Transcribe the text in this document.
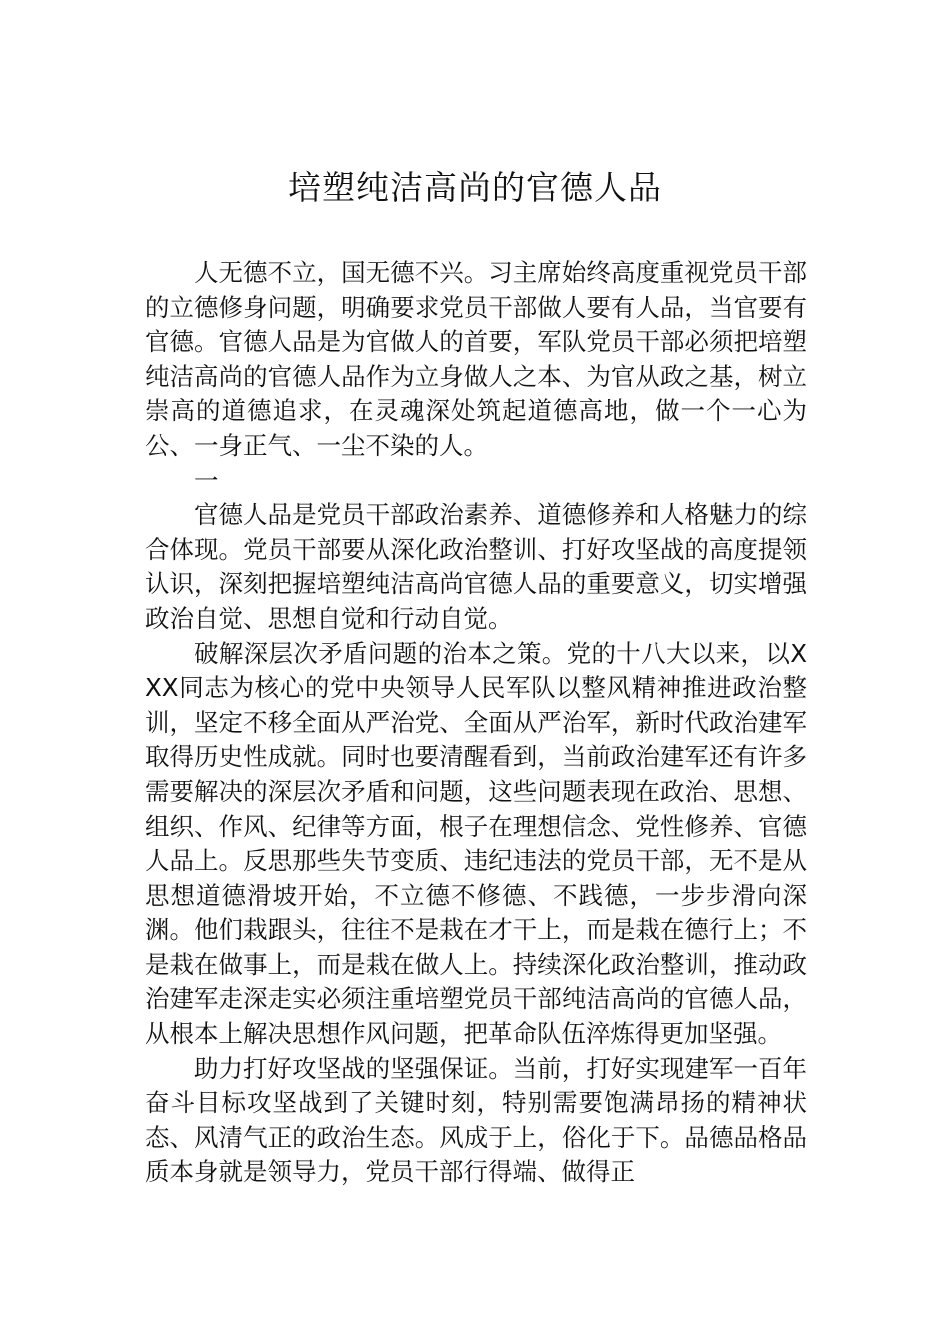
培塑纯洁高尚的官德人品

人无德不立，国无德不兴。习主席始终高度重视党员干部的立德修身问题，明确要求党员干部做人要有人品，当官要有官德。官德人品是为官做人的首要，军队党员干部必须把培塑纯洁高尚的官德人品作为立身做人之本、为官从政之基，树立崇高的道德追求，在灵魂深处筑起道德高地，做一个一心为公、一身正气、一尘不染的人。

一

官德人品是党员干部政治素养、道德修养和人格魅力的综合体现。党员干部要从深化政治整训、打好攻坚战的高度提领认识，深刻把握培塑纯洁高尚官德人品的重要意义，切实增强政治自觉、思想自觉和行动自觉。

破解深层次矛盾问题的治本之策。党的十八大以来，以XXX同志为核心的党中央领导人民军队以整风精神推进政治整训，坚定不移全面从严治党、全面从严治军，新时代政治建军取得历史性成就。同时也要清醒看到，当前政治建军还有许多需要解决的深层次矛盾和问题，这些问题表现在政治、思想、组织、作风、纪律等方面，根子在理想信念、党性修养、官德人品上。反思那些失节变质、违纪违法的党员干部，无不是从思想道德滑坡开始，不立德不修德、不践德，一步步滑向深渊。他们栽跟头，往往不是栽在才干上，而是栽在德行上；不是栽在做事上，而是栽在做人上。持续深化政治整训，推动政治建军走深走实必须注重培塑党员干部纯洁高尚的官德人品，从根本上解决思想作风问题，把革命队伍淬炼得更加坚强。

助力打好攻坚战的坚强保证。当前，打好实现建军一百年奋斗目标攻坚战到了关键时刻，特别需要饱满昂扬的精神状态、风清气正的政治生态。风成于上，俗化于下。品德品格品质本身就是领导力，党员干部行得端、做得正
